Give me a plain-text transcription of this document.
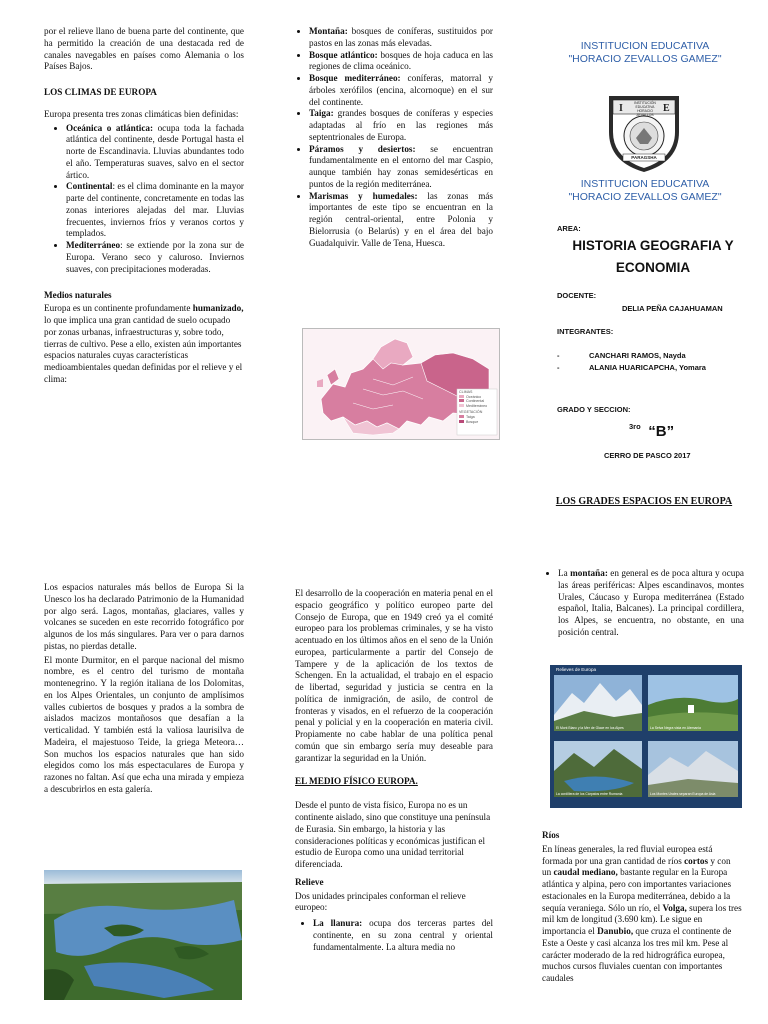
por el relieve llano de buena parte del continente, que ha permitido la creación de una destacada red de canales navegables en países como Alemania o los Países Bajos.

LOS CLIMAS DE EUROPA

Europa presenta tres zonas climáticas bien definidas:

• Oceánica o atlántica: ocupa toda la fachada atlántica del continente, desde Portugal hasta el norte de Escandinavia. Lluvias abundantes todo el año. Temperaturas suaves, salvo en el sector ártico.
• Continental: es el clima dominante en la mayor parte del continente, concretamente en todas las zonas interiores alejadas del mar. Lluvias frecuentes, inviernos fríos y veranos cortos y templados.
• Mediterráneo: se extiende por la zona sur de Europa. Verano seco y caluroso. Inviernos suaves, con precipitaciones moderadas.

Medios naturales

Europa es un continente profundamente humanizado, lo que implica una gran cantidad de suelo ocupado por zonas urbanas, infraestructuras y, sobre todo, tierras de cultivo. Pese a ello, existen aún importantes espacios naturales cuyas características medioambientales quedan definidas por el relieve y el clima:

• Montaña: bosques de coníferas, sustituidos por pastos en las zonas más elevadas.
• Bosque atlántico: bosques de hoja caduca en las regiones de clima oceánico.
• Bosque mediterráneo: coníferas, matorral y árboles xerófilos (encina, alcornoque) en el sur del continente.
• Taiga: grandes bosques de coníferas y especies adaptadas al frío en las regiones más septentrionales de Europa.
• Páramos y desiertos: se encuentran fundamentalmente en el entorno del mar Caspio, aunque también hay zonas semidesérticas en puntos de la región mediterránea.
• Marismas y humedales: las zonas más importantes de este tipo se encuentran en la región central-oriental, entre Polonia y Bielorrusia (o Belarús) y en el área del bajo Guadalquivir. Valle de Tena, Huesca.
CLIMAS
Oceánico
Continental
Mediterráneo
VEGETACIÓN
Taiga
Bosque
INSTITUCION EDUCATIVA
"HORACIO ZEVALLOS GAMEZ"
I	E
INSTITUCIÓN
EDUCATIVA
HORACIO
ZEVALLOS
PARAGSHA
INSTITUCION EDUCATIVA
"HORACIO ZEVALLOS GAMEZ"
AREA:
HISTORIA GEOGRAFIA Y
ECONOMIA
DOCENTE:
DELIA PEÑA CAJAHUAMAN
INTEGRANTES:
-	CANCHARI RAMOS, Nayda
-	ALANIA HUARICAPCHA, Yomara
GRADO Y SECCION:
$^{3ro}$ “B”
CERRO DE PASCO 2017
LOS GRADES ESPACIOS EN EUROPA

Los espacios naturales más bellos de Europa Si la Unesco los ha declarado Patrimonio de la Humanidad por algo será. Lagos, montañas, glaciares, valles y volcanes se suceden en este recorrido fotográfico por algunos de los más singulares. Para ver o para darnos pistas, no pierdas detalle.

El monte Durmitor, en el parque nacional del mismo nombre, es el centro del turismo de montaña montenegrino. Y la región italiana de los Dolomitas, en los Alpes Orientales, un conjunto de amplísimos valles cubiertos de bosques y prados a la sombra de aislados macizos montañosos que desafían a la verticalidad. Y también está la valiosa laurisilva de Madeira, el majestuoso Teide, la griega Meteora… Son muchos los espacios naturales que han sido elegidos como los más espectaculares de Europa y razones no faltan. Así que echa una mirada y empieza a descubrirlos en esta galería.

El desarrollo de la cooperación en materia penal en el espacio geográfico y político europeo parte del Consejo de Europa, que en 1949 creó ya el comité europeo para los problemas criminales, y se ha visto acentuado en los últimos años en el seno de la Unión europea, particularmente a partir del Consejo de Tampere y de la aplicación de los textos de Schengen. En la actualidad, el trabajo en el espacio de libertad, seguridad y justicia se centra en la política de inmigración, de asilo, de control de fronteras y visados, en el refuerzo de la cooperación penal y policial y en la cooperación en materia civil. Propiamente no cabe hablar de una política penal común que sin embargo sería muy deseable para garantizar la seguridad en la Unión.

EL MEDIO FÍSICO EUROPA.

Desde el punto de vista físico, Europa no es un continente aislado, sino que constituye una península de Eurasia. Sin embargo, la historia y las consideraciones políticas y económicas justifican el estudio de Europa como una unidad territorial diferenciada.

Relieve

Dos unidades principales conforman el relieve europeo:

• La llanura: ocupa dos terceras partes del continente, en su zona central y oriental fundamentalmente. La altura media no
• La montaña: en general es de poca altura y ocupa las áreas periféricas: Alpes escandinavos, montes Urales, Cáucaso y Europa mediterránea (Estado español, Italia, Balcanes). La principal cordillera, los Alpes, se encuentra, no obstante, en una posición central.
Relieves de Europa
El Mont Blanc y la Mer de Glace en los Alpes	La Selva Negra vista en Alemania
La cordillera de los Cárpatos entre Rumania	Los Montes Urales separan Europa de Asia

Ríos

En líneas generales, la red fluvial europea está formada por una gran cantidad de ríos cortos y con un caudal mediano, bastante regular en la Europa atlántica y alpina, pero con importantes variaciones estacionales en la Europa mediterránea, debido a la sequía veraniega. Sólo un río, el Volga, supera los tres mil km de longitud (3.690 km). Le sigue en importancia el Danubio, que cruza el continente de Este a Oeste y casi alcanza los tres mil km. Pese al carácter moderado de la red hidrográfica europea, muchos cursos fluviales cuentan con importantes caudales
